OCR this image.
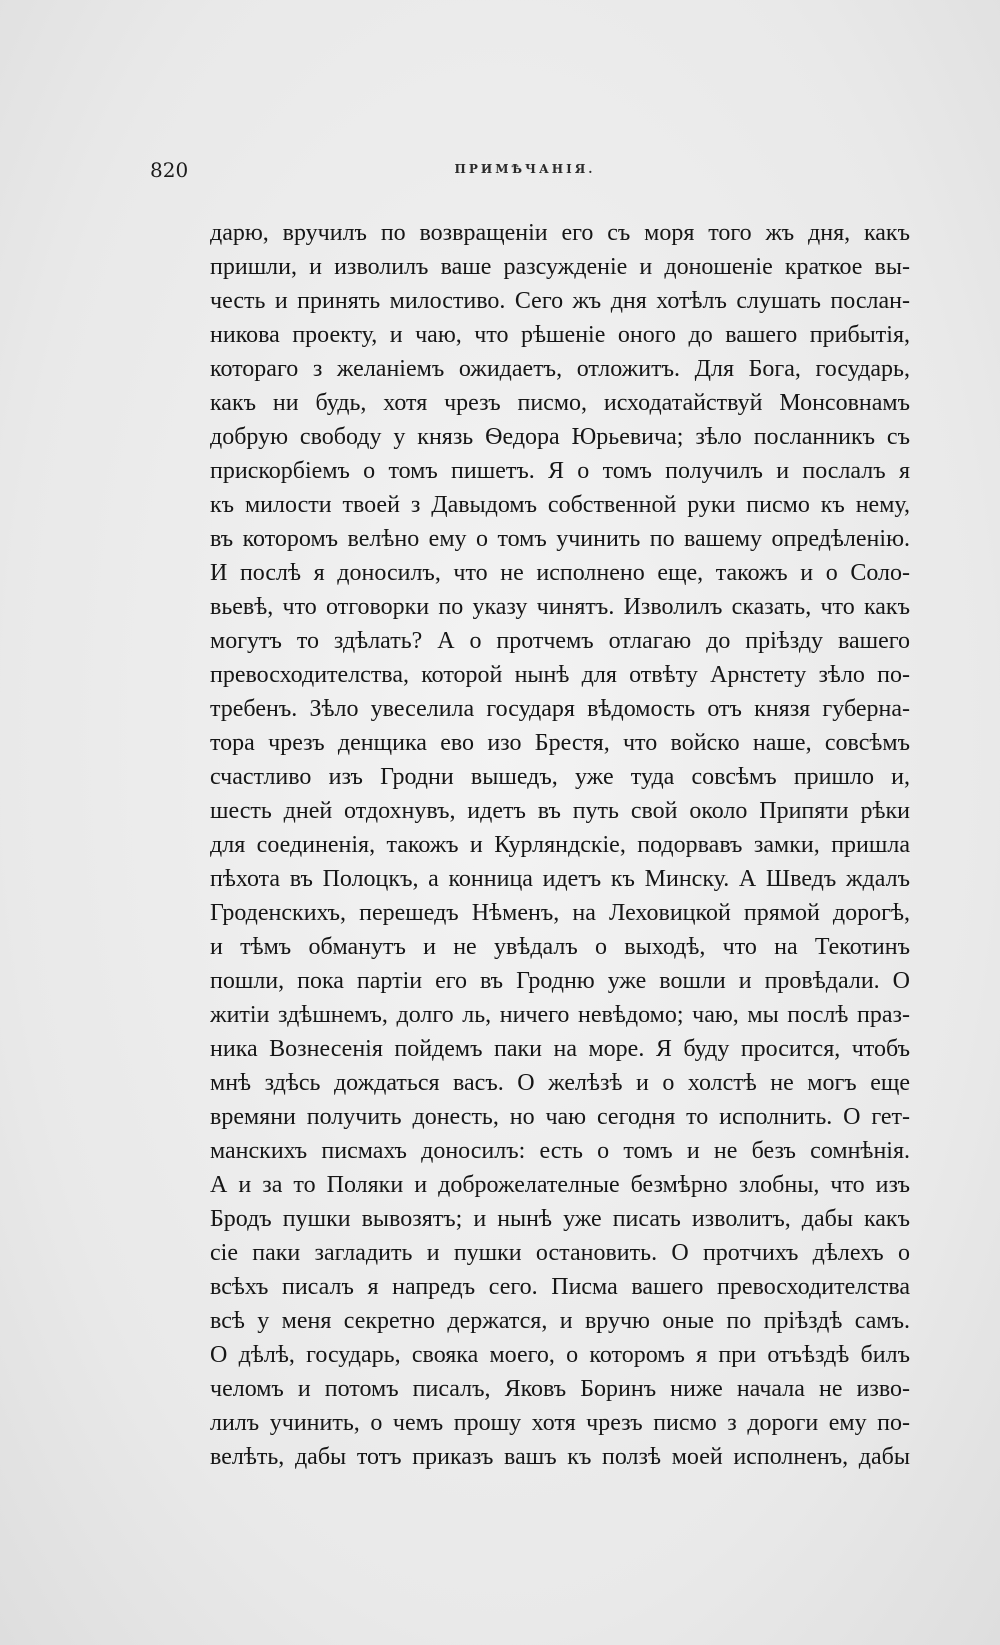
820	ПРИМѢЧАНІЯ.
дарю, вручилъ по возвращеніи его съ моря того жъ дня, какъ
пришли, и изволилъ ваше разсужденіе и доношеніе краткое вы-
честь и принять милостиво. Сего жъ дня хотѣлъ слушать послан-
никова проекту, и чаю, что рѣшеніе оного до вашего прибытія,
котораго з желаніемъ ожидаетъ, отложитъ. Для Бога, государь,
какъ ни будь, хотя чрезъ писмо, исходатайствуй Монсовнамъ
добрую свободу у князь Ѳедора Юрьевича; зѣло посланникъ съ
прискорбіемъ о томъ пишетъ. Я о томъ получилъ и послалъ я
къ милости твоей з Давыдомъ собственной руки писмо къ нему,
въ которомъ велѣно ему о томъ учинить по вашему опредѣленію.
И послѣ я доносилъ, что не исполнено еще, такожъ и о Соло-
вьевѣ, что отговорки по указу чинятъ. Изволилъ сказать, что какъ
могутъ то здѣлать? А о протчемъ отлагаю до пріѣзду вашего
превосходителства, которой нынѣ для отвѣту Арнстету зѣло по-
требенъ. Зѣло увеселила государя вѣдомость отъ князя губерна-
тора чрезъ денщика ево изо Брестя, что войско наше, совсѣмъ
счастливо изъ Гродни вышедъ, уже туда совсѣмъ пришло и,
шесть дней отдохнувъ, идетъ въ путь свой около Припяти рѣки
для соединенія, такожъ и Курляндскіе, подорвавъ замки, пришла
пѣхота въ Полоцкъ, а конница идетъ къ Минску. А Шведъ ждалъ
Гроденскихъ, перешедъ Нѣменъ, на Леховицкой прямой дорогѣ,
и тѣмъ обманутъ и не увѣдалъ о выходѣ, что на Текотинъ
пошли, пока партіи его въ Гродню уже вошли и провѣдали. О
житіи здѣшнемъ, долго ль, ничего невѣдомо; чаю, мы послѣ праз-
ника Вознесенія пойдемъ паки на море. Я буду просится, чтобъ
мнѣ здѣсь дождаться васъ. О желѣзѣ и о холстѣ не могъ еще
времяни получить донесть, но чаю сегодня то исполнить. О гет-
манскихъ писмахъ доносилъ: есть о томъ и не безъ сомнѣнія.
А и за то Поляки и доброжелателные безмѣрно злобны, что изъ
Бродъ пушки вывозятъ; и нынѣ уже писать изволитъ, дабы какъ
сіе паки загладить и пушки остановить. О протчихъ дѣлехъ о
всѣхъ писалъ я напредъ сего. Писма вашего превосходителства
всѣ у меня секретно держатся, и вручю оные по пріѣздѣ самъ.
О дѣлѣ, государь, свояка моего, о которомъ я при отъѣздѣ билъ
челомъ и потомъ писалъ, Яковъ Боринъ ниже начала не изво-
лилъ учинить, о чемъ прошу хотя чрезъ писмо з дороги ему по-
велѣть, дабы тотъ приказъ вашъ къ ползѣ моей исполненъ, дабы
